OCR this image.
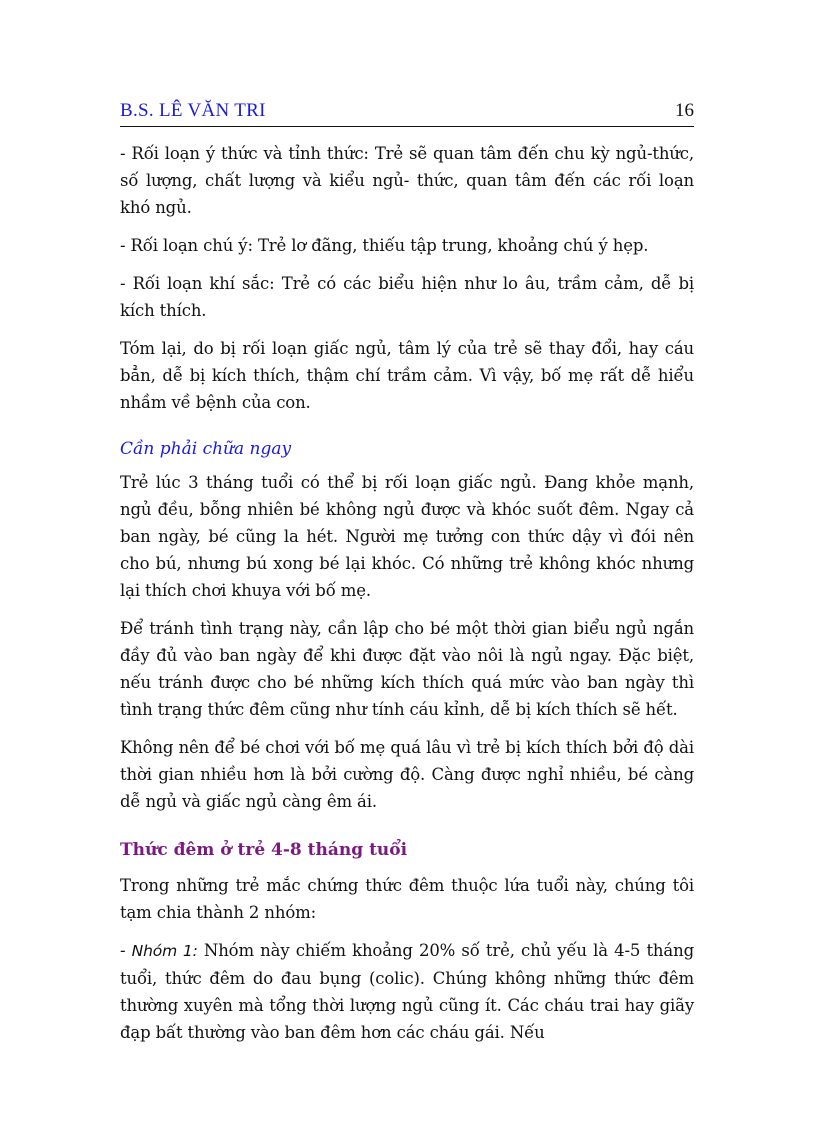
B.S. LÊ VĂN TRI	16

- Rối loạn ý thức và tỉnh thức: Trẻ sẽ quan tâm đến chu kỳ ngủ-thức, số lượng, chất lượng và kiểu ngủ- thức, quan tâm đến các rối loạn khó ngủ.

- Rối loạn chú ý: Trẻ lơ đãng, thiếu tập trung, khoảng chú ý hẹp.

- Rối loạn khí sắc: Trẻ có các biểu hiện như lo âu, trầm cảm, dễ bị kích thích.

Tóm lại, do bị rối loạn giấc ngủ, tâm lý của trẻ sẽ thay đổi, hay cáu bẳn, dễ bị kích thích, thậm chí trầm cảm. Vì vậy, bố mẹ rất dễ hiểu nhầm về bệnh của con.

Cần phải chữa ngay

Trẻ lúc 3 tháng tuổi có thể bị rối loạn giấc ngủ. Đang khỏe mạnh, ngủ đều, bỗng nhiên bé không ngủ được và khóc suốt đêm. Ngay cả ban ngày, bé cũng la hét. Người mẹ tưởng con thức dậy vì đói nên cho bú, nhưng bú xong bé lại khóc. Có những trẻ không khóc nhưng lại thích chơi khuya với bố mẹ.

Để tránh tình trạng này, cần lập cho bé một thời gian biểu ngủ ngắn đầy đủ vào ban ngày để khi được đặt vào nôi là ngủ ngay. Đặc biệt, nếu tránh được cho bé những kích thích quá mức vào ban ngày thì tình trạng thức đêm cũng như tính cáu kỉnh, dễ bị kích thích sẽ hết.

Không nên để bé chơi với bố mẹ quá lâu vì trẻ bị kích thích bởi độ dài thời gian nhiều hơn là bởi cường độ. Càng được nghỉ nhiều, bé càng dễ ngủ và giấc ngủ càng êm ái.

Thức đêm ở trẻ 4-8 tháng tuổi

Trong những trẻ mắc chứng thức đêm thuộc lứa tuổi này, chúng tôi tạm chia thành 2 nhóm:

- Nhóm 1: Nhóm này chiếm khoảng 20% số trẻ, chủ yếu là 4-5 tháng tuổi, thức đêm do đau bụng (colic). Chúng không những thức đêm thường xuyên mà tổng thời lượng ngủ cũng ít. Các cháu trai hay giãy đạp bất thường vào ban đêm hơn các cháu gái. Nếu
